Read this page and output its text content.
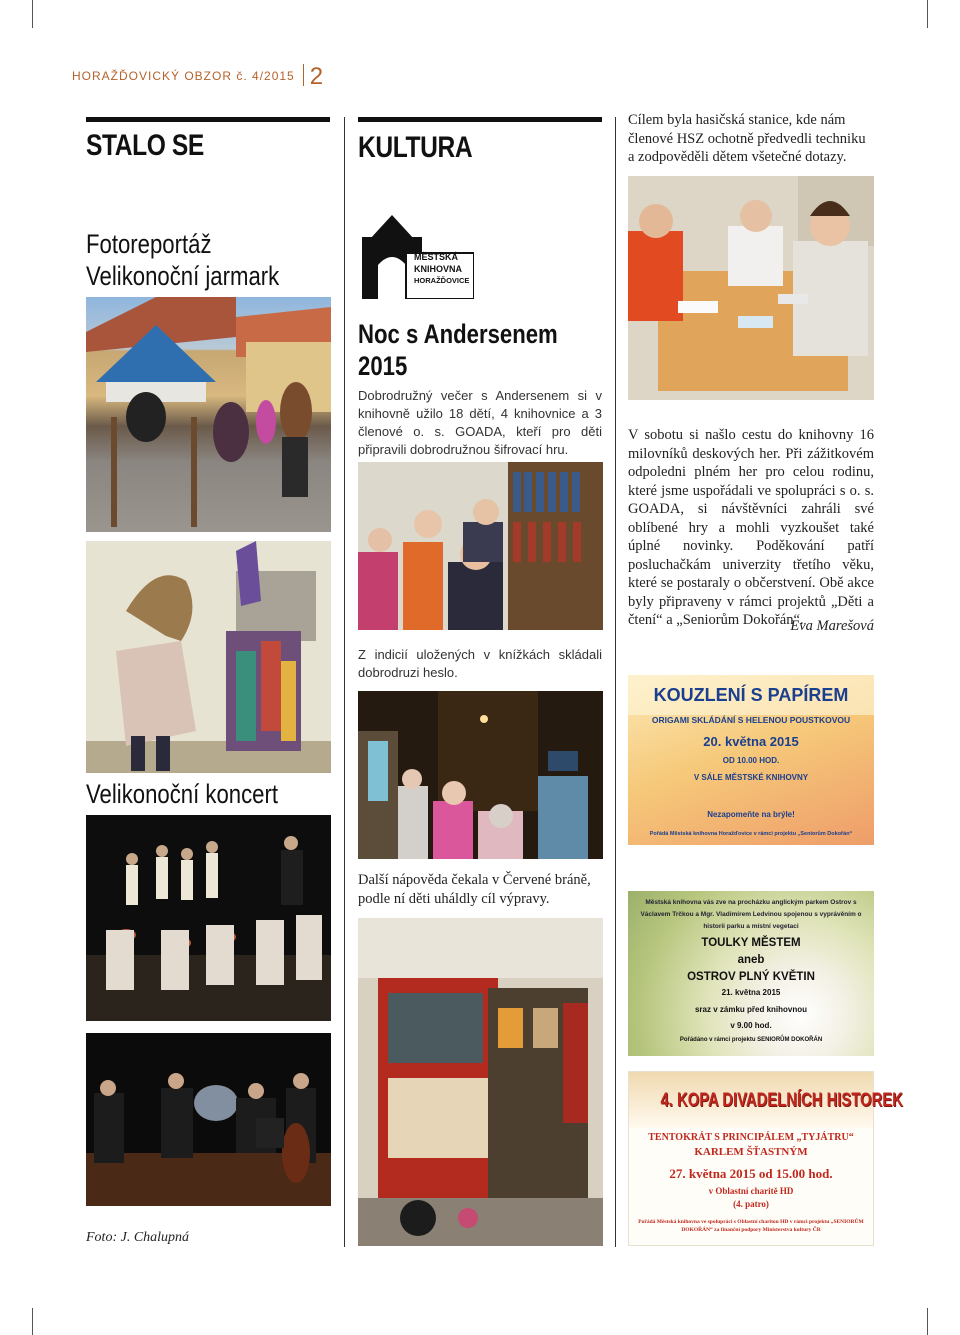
HORAŽĎOVICKÝ OBZOR č. 4/2015 2
STALO SE	KULTURA
Fotoreportáž
Velikonoční jarmark
Velikonoční koncert
Foto: J. Chalupná
MĚSTSKÁ
KNIHOVNA
HORAŽĎOVICE
Noc s Andersenem
2015
Dobrodružný večer s Andersenem si v knihovně užilo 18 dětí, 4 knihovnice a 3 členové o. s. GOADA, kteří pro děti připravili dobrodružnou šifrovací hru.
Z indicií uložených v knížkách skládali dobrodruzi heslo.
Další nápověda čekala v Červené bráně, podle ní děti uháldly cíl výpravy.
Cílem byla hasičská stanice, kde nám členové HSZ ochotně předvedli techniku a zodpověděli dětem všetečné dotazy.
V sobotu si našlo cestu do knihovny 16 milovníků deskových her. Při zážitkovém odpoledni plném her pro celou rodinu, které jsme uspořádali ve spolupráci s o. s. GOADA, si návštěvníci zahráli své oblíbené hry a mohli vyzkoušet také úplné novinky. Poděkování patří posluchačkám univerzity třetího věku, které se postaraly o občerstvení. Obě akce byly připraveny v rámci projektů „Děti a čtení“ a „Seniorům Dokořán“.
Eva Marešová
KOUZLENÍ S PAPÍREM
ORIGAMI SKLÁDÁNÍ S HELENOU POUSTKOVOU
20. května 2015
OD 10.00 HOD.
V SÁLE MĚSTSKÉ KNIHOVNY
Nezapomeňte na brýle!
Pořádá Městská knihovna Horažďovice v rámci projektu „Seniorům Dokořán“
Městská knihovna vás zve na procházku anglickým parkem Ostrov s Václavem Trčkou a Mgr. Vladimírem Ledvinou spojenou s vyprávěním o historii parku a místní vegetaci
TOULKY MĚSTEM
aneb
OSTROV PLNÝ KVĚTIN
21. května 2015
sraz v zámku před knihovnou
v 9.00 hod.
Pořádáno v rámci projektu SENIORŮM DOKOŘÁN
4. KOPA DIVADELNÍCH HISTOREK
TENTOKRÁT S PRINCIPÁLEM „TYJÁTRU“
KARLEM ŠŤASTNÝM
27. května 2015 od 15.00 hod.
v Oblastní charitě HD
(4. patro)
Pořádá Městská knihovna ve spolupráci s Oblastní charitou HD v rámci projektu „SENIORŮM DOKOŘÁN“ za finanční podpory Ministerstva kultury ČR
